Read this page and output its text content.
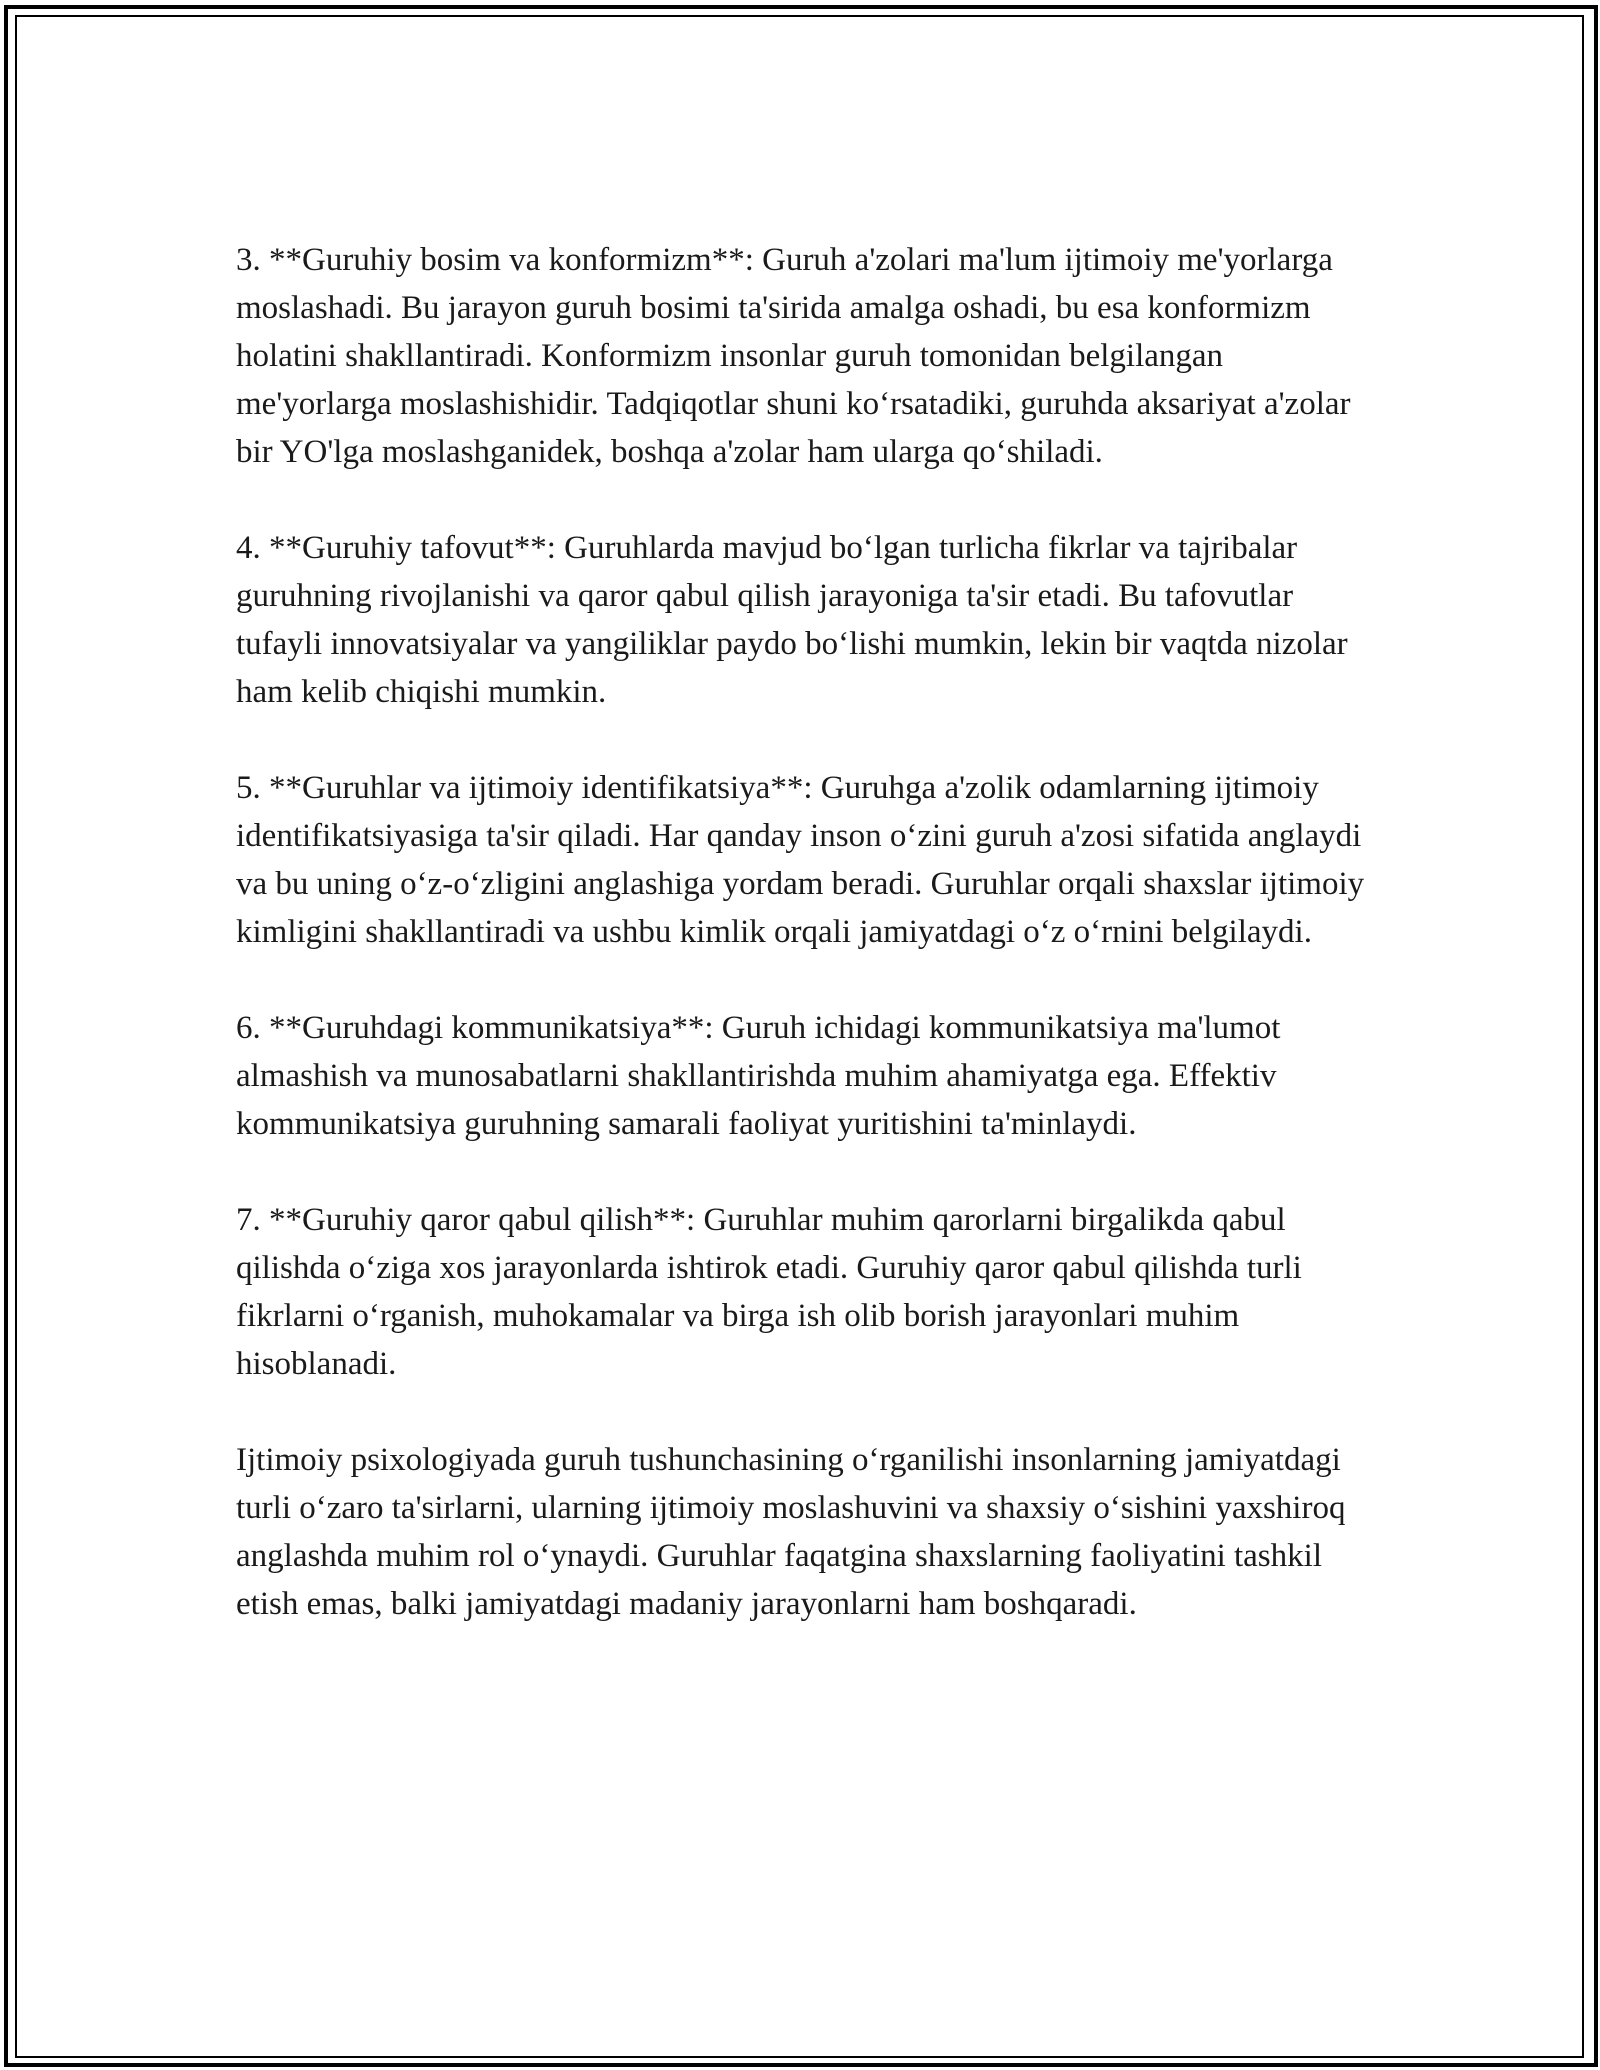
3. **Guruhiy bosim va konformizm**: Guruh a'zolari ma'lum ijtimoiy me'yorlarga moslashadi. Bu jarayon guruh bosimi ta'sirida amalga oshadi, bu esa konformizm holatini shakllantiradi. Konformizm insonlar guruh tomonidan belgilangan me'yorlarga moslashishidir. Tadqiqotlar shuni ko‘rsatadiki, guruhda aksariyat a'zolar bir YO'lga moslashganidek, boshqa a'zolar ham ularga qo‘shiladi.

4. **Guruhiy tafovut**: Guruhlarda mavjud bo‘lgan turlicha fikrlar va tajribalar guruhning rivojlanishi va qaror qabul qilish jarayoniga ta'sir etadi. Bu tafovutlar tufayli innovatsiyalar va yangiliklar paydo bo‘lishi mumkin, lekin bir vaqtda nizolar ham kelib chiqishi mumkin.

5. **Guruhlar va ijtimoiy identifikatsiya**: Guruhga a'zolik odamlarning ijtimoiy identifikatsiyasiga ta'sir qiladi. Har qanday inson o‘zini guruh a'zosi sifatida anglaydi va bu uning o‘z-o‘zligini anglashiga yordam beradi. Guruhlar orqali shaxslar ijtimoiy kimligini shakllantiradi va ushbu kimlik orqali jamiyatdagi o‘z o‘rnini belgilaydi.

6. **Guruhdagi kommunikatsiya**: Guruh ichidagi kommunikatsiya ma'lumot almashish va munosabatlarni shakllantirishda muhim ahamiyatga ega. Effektiv kommunikatsiya guruhning samarali faoliyat yuritishini ta'minlaydi.

7. **Guruhiy qaror qabul qilish**: Guruhlar muhim qarorlarni birgalikda qabul qilishda o‘ziga xos jarayonlarda ishtirok etadi. Guruhiy qaror qabul qilishda turli fikrlarni o‘rganish, muhokamalar va birga ish olib borish jarayonlari muhim hisoblanadi.

Ijtimoiy psixologiyada guruh tushunchasining o‘rganilishi insonlarning jamiyatdagi turli o‘zaro ta'sirlarni, ularning ijtimoiy moslashuvini va shaxsiy o‘sishini yaxshiroq anglashda muhim rol o‘ynaydi. Guruhlar faqatgina shaxslarning faoliyatini tashkil etish emas, balki jamiyatdagi madaniy jarayonlarni ham boshqaradi.
